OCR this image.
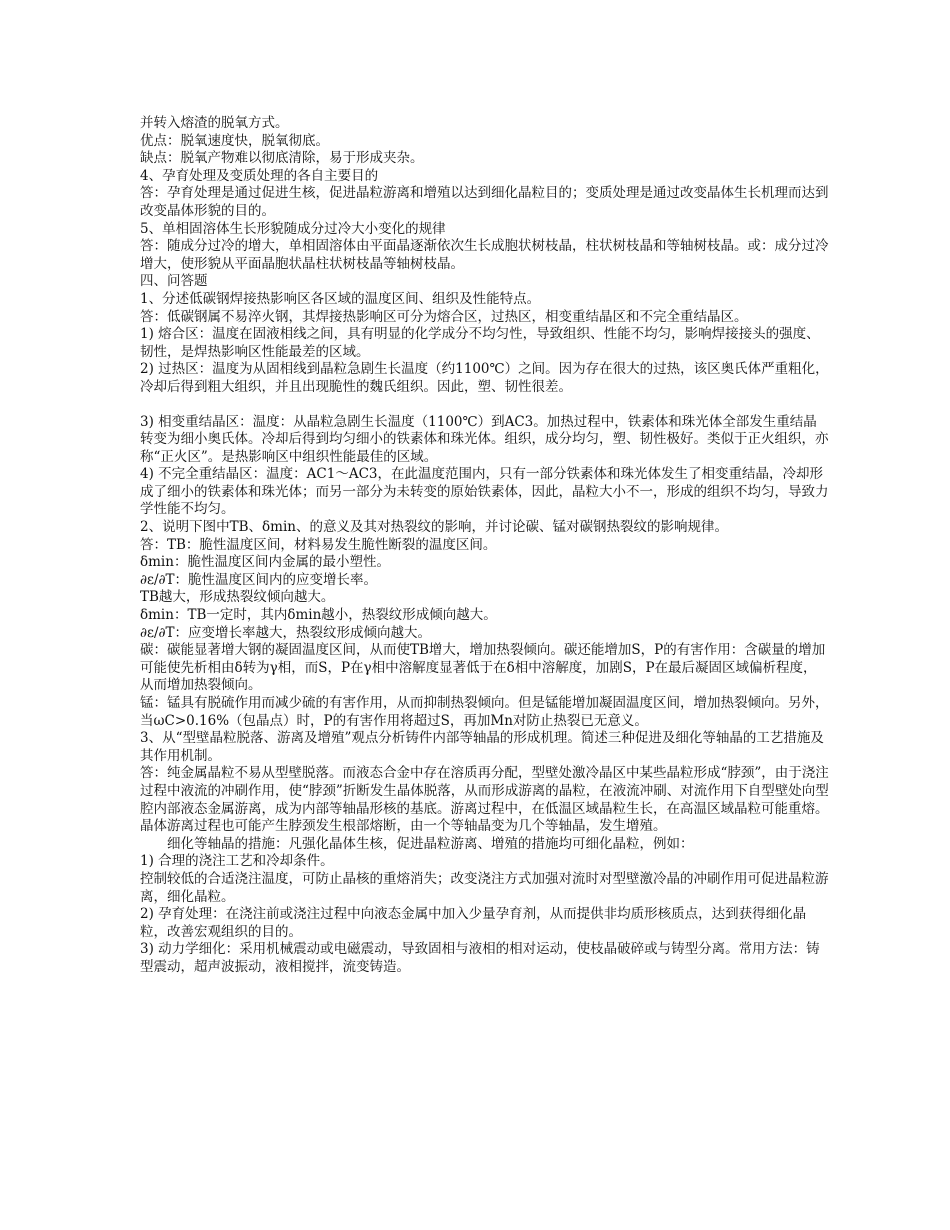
并转入熔渣的脱氧方式。

优点：脱氧速度快，脱氧彻底。

缺点：脱氧产物难以彻底清除，易于形成夹杂。

4、孕育处理及变质处理的各自主要目的

答：孕育处理是通过促进生核，促进晶粒游离和增殖以达到细化晶粒目的；变质处理是通过改变晶体生长机理而达到改变晶体形貌的目的。

5、单相固溶体生长形貌随成分过冷大小变化的规律

答：随成分过冷的增大，单相固溶体由平面晶逐渐依次生长成胞状树枝晶，柱状树枝晶和等轴树枝晶。或：成分过冷增大，使形貌从平面晶胞状晶柱状树枝晶等轴树枝晶。

四、问答题

1、分述低碳钢焊接热影响区各区域的温度区间、组织及性能特点。

答：低碳钢属不易淬火钢，其焊接热影响区可分为熔合区，过热区，相变重结晶区和不完全重结晶区。

1) 熔合区：温度在固液相线之间，具有明显的化学成分不均匀性，导致组织、性能不均匀，影响焊接接头的强度、韧性，是焊热影响区性能最差的区域。

2) 过热区：温度为从固相线到晶粒急剧生长温度（约1100℃）之间。因为存在很大的过热，该区奥氏体严重粗化，冷却后得到粗大组织，并且出现脆性的魏氏组织。因此，塑、韧性很差。

3) 相变重结晶区：温度：从晶粒急剧生长温度（1100℃）到AC3。加热过程中，铁素体和珠光体全部发生重结晶转变为细小奥氏体。冷却后得到均匀细小的铁素体和珠光体。组织，成分均匀，塑、韧性极好。类似于正火组织，亦称“正火区”。是热影响区中组织性能最佳的区域。

4) 不完全重结晶区：温度：AC1～AC3，在此温度范围内，只有一部分铁素体和珠光体发生了相变重结晶，冷却形成了细小的铁素体和珠光体；而另一部分为未转变的原始铁素体，因此，晶粒大小不一，形成的组织不均匀，导致力学性能不均匀。

2、说明下图中TB、δmin、的意义及其对热裂纹的影响，并讨论碳、锰对碳钢热裂纹的影响规律。

答：TB：脆性温度区间，材料易发生脆性断裂的温度区间。

δmin：脆性温度区间内金属的最小塑性。

∂ε/∂T：脆性温度区间内的应变增长率。

TB越大，形成热裂纹倾向越大。

δmin：TB一定时，其内δmin越小，热裂纹形成倾向越大。

∂ε/∂T：应变增长率越大，热裂纹形成倾向越大。

碳：碳能显著增大钢的凝固温度区间，从而使TB增大，增加热裂倾向。碳还能增加S，P的有害作用：含碳量的增加可能使先析相由δ转为γ相，而S，P在γ相中溶解度显著低于在δ相中溶解度，加剧S，P在最后凝固区域偏析程度，从而增加热裂倾向。

锰：锰具有脱硫作用而减少硫的有害作用，从而抑制热裂倾向。但是锰能增加凝固温度区间，增加热裂倾向。另外，当ωC>0.16%（包晶点）时，P的有害作用将超过S，再加Mn对防止热裂已无意义。

3、从“型壁晶粒脱落、游离及增殖”观点分析铸件内部等轴晶的形成机理。简述三种促进及细化等轴晶的工艺措施及其作用机制。

答：纯金属晶粒不易从型壁脱落。而液态合金中存在溶质再分配，型壁处激冷晶区中某些晶粒形成“脖颈”，由于浇注过程中液流的冲刷作用，使“脖颈”折断发生晶体脱落，从而形成游离的晶粒，在液流冲刷、对流作用下自型壁处向型腔内部液态金属游离，成为内部等轴晶形核的基底。游离过程中，在低温区域晶粒生长，在高温区域晶粒可能重熔。晶体游离过程也可能产生脖颈发生根部熔断，由一个等轴晶变为几个等轴晶，发生增殖。

细化等轴晶的措施：凡强化晶体生核，促进晶粒游离、增殖的措施均可细化晶粒，例如：

1) 合理的浇注工艺和冷却条件。

控制较低的合适浇注温度，可防止晶核的重熔消失；改变浇注方式加强对流时对型壁激冷晶的冲刷作用可促进晶粒游离，细化晶粒。

2) 孕育处理：在浇注前或浇注过程中向液态金属中加入少量孕育剂，从而提供非均质形核质点，达到获得细化晶粒，改善宏观组织的目的。

3) 动力学细化：采用机械震动或电磁震动，导致固相与液相的相对运动，使枝晶破碎或与铸型分离。常用方法：铸型震动，超声波振动，液相搅拌，流变铸造。
